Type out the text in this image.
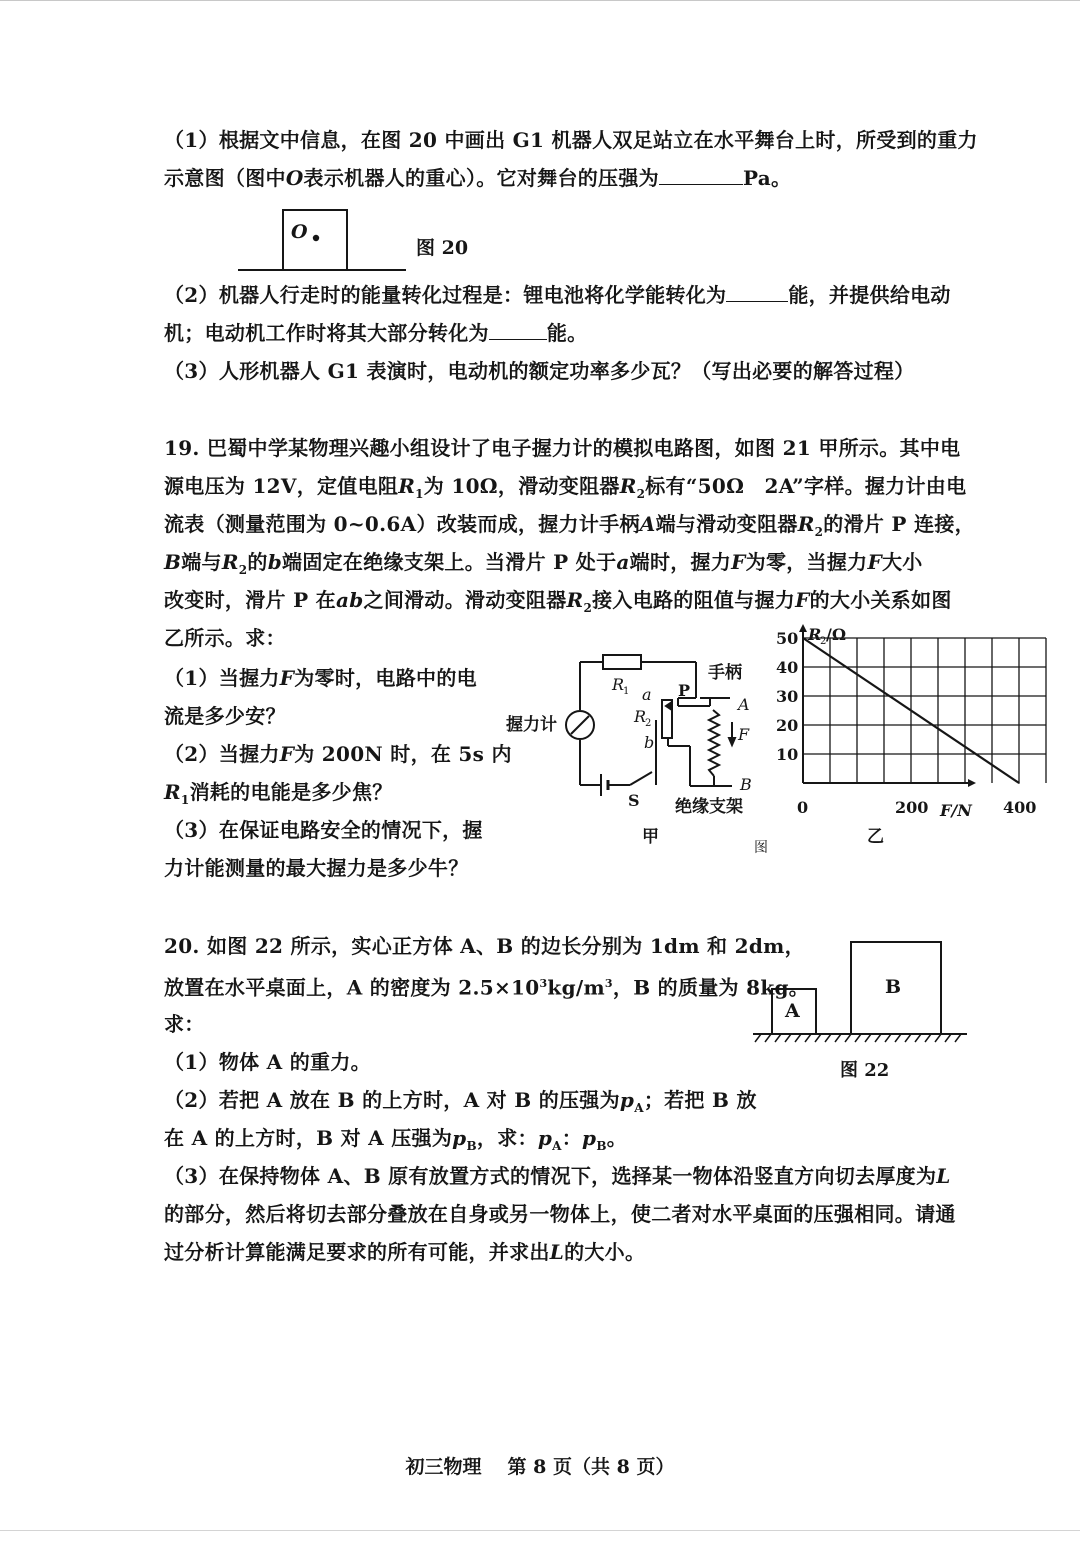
（1）根据文中信息，在图 20 中画出 G1 机器人双足站立在水平舞台上时，所受到的重力
示意图（图中O表示机器人的重心）。它对舞台的压强为	Pa。
O
图 20
（2）机器人行走时的能量转化过程是：锂电池将化学能转化为	能，并提供给电动
机；电动机工作时将其大部分转化为	能。
（3）人形机器人 G1 表演时，电动机的额定功率多少瓦？（写出必要的解答过程）
19. 巴蜀中学某物理兴趣小组设计了电子握力计的模拟电路图，如图 21 甲所示。其中电
源电压为 12V，定值电阻$R_1$为 10Ω，滑动变阻器$R_2$标有“50Ω　2A”字样。握力计由电
流表（测量范围为 0~0.6A）改装而成，握力计手柄A端与滑动变阻器$R_2$的滑片 P 连接，
B端与$R_2$的b端固定在绝缘支架上。当滑片 P 处于a端时，握力F为零，当握力F大小
改变时，滑片 P 在ab之间滑动。滑动变阻器$R_2$接入电路的阻值与握力F的大小关系如图
乙所示。求：
（1）当握力F为零时，电路中的电
流是多少安？
（2）当握力F为 200N 时，在 5s 内
$R_1$消耗的电能是多少焦？
（3）在保证电路安全的情况下，握
力计能测量的最大握力是多少牛？
R
1 a P
手柄
A
R
2
握力计
b	F
B
S 绝缘支架
甲
图
10
20
30
40
50
0	200	400
R
2 /Ω
F/N
乙
20. 如图 22 所示，实心正方体 A、B 的边长分别为 1dm 和 2dm，
放置在水平桌面上，A 的密度为 $2.5\times 10^3kg/m^3$，B 的质量为 8kg。
求：
（1）物体 A 的重力。
（2）若把 A 放在 B 的上方时，A 对 B 的压强为$p_A$；若把 B 放
在 A 的上方时，B 对 A 压强为$p_B$，求：$p_A$：$p_B$。
（3）在保持物体 A、B 原有放置方式的情况下，选择某一物体沿竖直方向切去厚度为L
的部分，然后将切去部分叠放在自身或另一物体上，使二者对水平桌面的压强相同。请通
过分析计算能满足要求的所有可能，并求出L的大小。
A
B
图 22
初三物理 第 8 页（共 8 页）
